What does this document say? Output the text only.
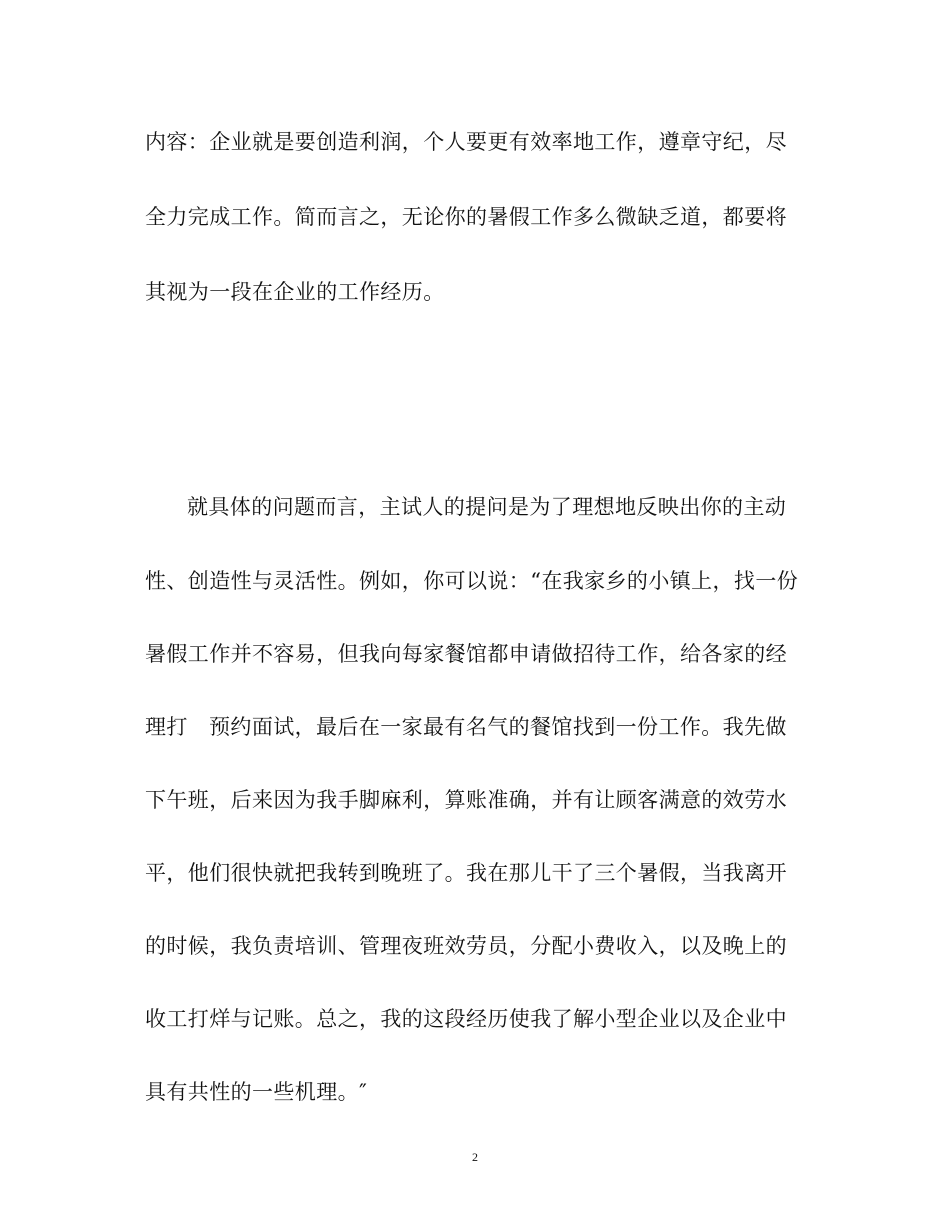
内容：企业就是要创造利润，个人要更有效率地工作，遵章守纪，尽
全力完成工作。简而言之，无论你的暑假工作多么微缺乏道，都要将
其视为一段在企业的工作经历。
就具体的问题而言，主试人的提问是为了理想地反映出你的主动
性、创造性与灵活性。例如，你可以说：“在我家乡的小镇上，找一份
暑假工作并不容易，但我向每家餐馆都申请做招待工作，给各家的经
理打   预约面试，最后在一家最有名气的餐馆找到一份工作。我先做
下午班，后来因为我手脚麻利，算账准确，并有让顾客满意的效劳水
平，他们很快就把我转到晚班了。我在那儿干了三个暑假，当我离开
的时候，我负责培训、管理夜班效劳员，分配小费收入，以及晚上的
收工打烊与记账。总之，我的这段经历使我了解小型企业以及企业中
具有共性的一些机理。″
2
